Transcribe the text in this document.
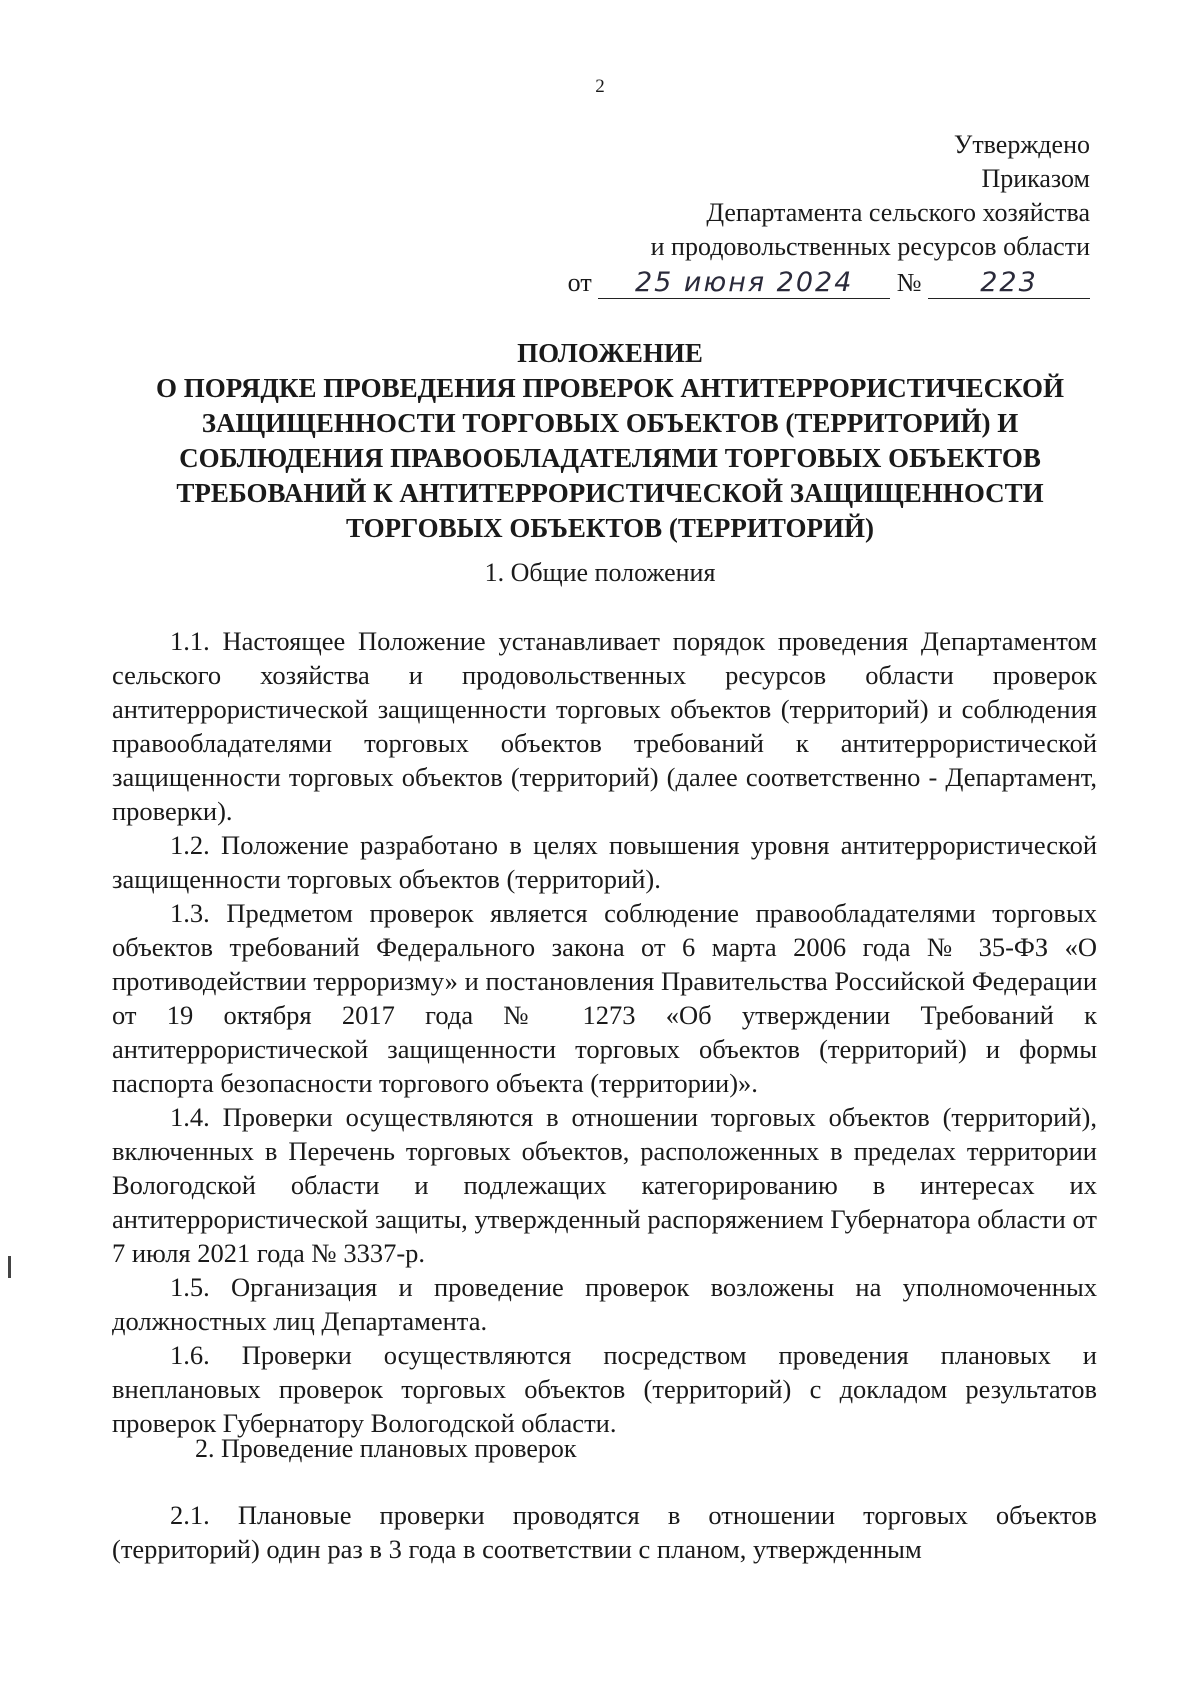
2
Утверждено
Приказом
Департамента сельского хозяйства
и продовольственных ресурсов области
от 25 июня 2024 № 223
ПОЛОЖЕНИЕ
О ПОРЯДКЕ ПРОВЕДЕНИЯ ПРОВЕРОК АНТИТЕРРОРИСТИЧЕСКОЙ
ЗАЩИЩЕННОСТИ ТОРГОВЫХ ОБЪЕКТОВ (ТЕРРИТОРИЙ) И
СОБЛЮДЕНИЯ ПРАВООБЛАДАТЕЛЯМИ ТОРГОВЫХ ОБЪЕКТОВ
ТРЕБОВАНИЙ К АНТИТЕРРОРИСТИЧЕСКОЙ ЗАЩИЩЕННОСТИ
ТОРГОВЫХ ОБЪЕКТОВ (ТЕРРИТОРИЙ)
1. Общие положения

1.1. Настоящее Положение устанавливает порядок проведения Департаментом сельского хозяйства и продовольственных ресурсов области проверок антитеррористической защищенности торговых объектов (территорий) и соблюдения правообладателями торговых объектов требований к антитеррористической защищенности торговых объектов (территорий) (далее соответственно - Департамент, проверки).

1.2. Положение разработано в целях повышения уровня антитеррористической защищенности торговых объектов (территорий).

1.3. Предметом проверок является соблюдение правообладателями торговых объектов требований Федерального закона от 6 марта 2006 года № 35-ФЗ «О противодействии терроризму» и постановления Правительства Российской Федерации от 19 октября 2017 года № 1273 «Об утверждении Требований к антитеррористической защищенности торговых объектов (территорий) и формы паспорта безопасности торгового объекта (территории)».

1.4. Проверки осуществляются в отношении торговых объектов (территорий), включенных в Перечень торговых объектов, расположенных в пределах территории Вологодской области и подлежащих категорированию в интересах их антитеррористической защиты, утвержденный распоряжением Губернатора области от 7 июля 2021 года № 3337-р.

1.5. Организация и проведение проверок возложены на уполномоченных должностных лиц Департамента.

1.6. Проверки осуществляются посредством проведения плановых и внеплановых проверок торговых объектов (территорий) с докладом результатов проверок Губернатору Вологодской области.

2. Проведение плановых проверок

2.1. Плановые проверки проводятся в отношении торговых объектов (территорий) один раз в 3 года в соответствии с планом, утвержденным
